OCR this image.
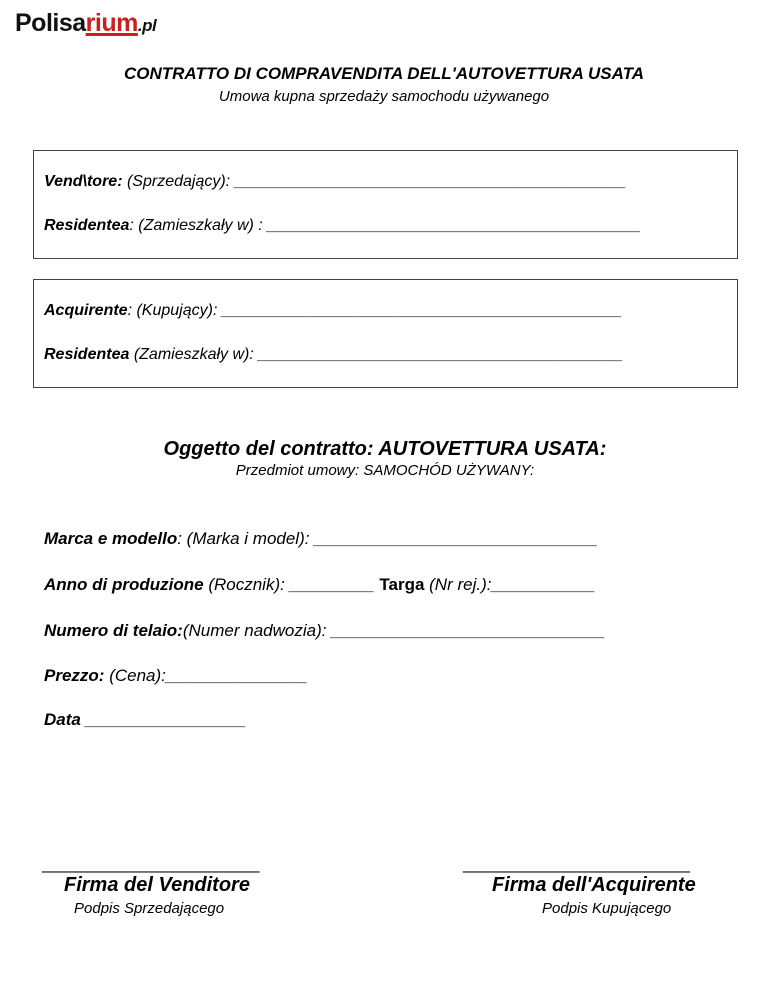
Polisarium.pl
CONTRATTO DI COMPRAVENDITA DELL'AUTOVETTURA USATA
Umowa kupna sprzedaży samochodu używanego
Vend\tore: (Sprzedający): ____________________________________________
Residentea: (Zamieszkały w) : __________________________________________
Acquirente: (Kupujący): _____________________________________________
Residentea (Zamieszkały w): _________________________________________
Oggetto del contratto: AUTOVETTURA USATA:
Przedmiot umowy: SAMOCHÓD UŻYWANY:
Marca e modello: (Marka i model): ______________________________
Anno di produzione (Rocznik): _________ Targa (Nr rej.):___________
Numero di telaio:(Numer nadwozia): _____________________________
Prezzo: (Cena):_______________
Data _________________
_______________________
Firma del Venditore
Podpis Sprzedającego
________________________
Firma dell'Acquirente
Podpis Kupującego
